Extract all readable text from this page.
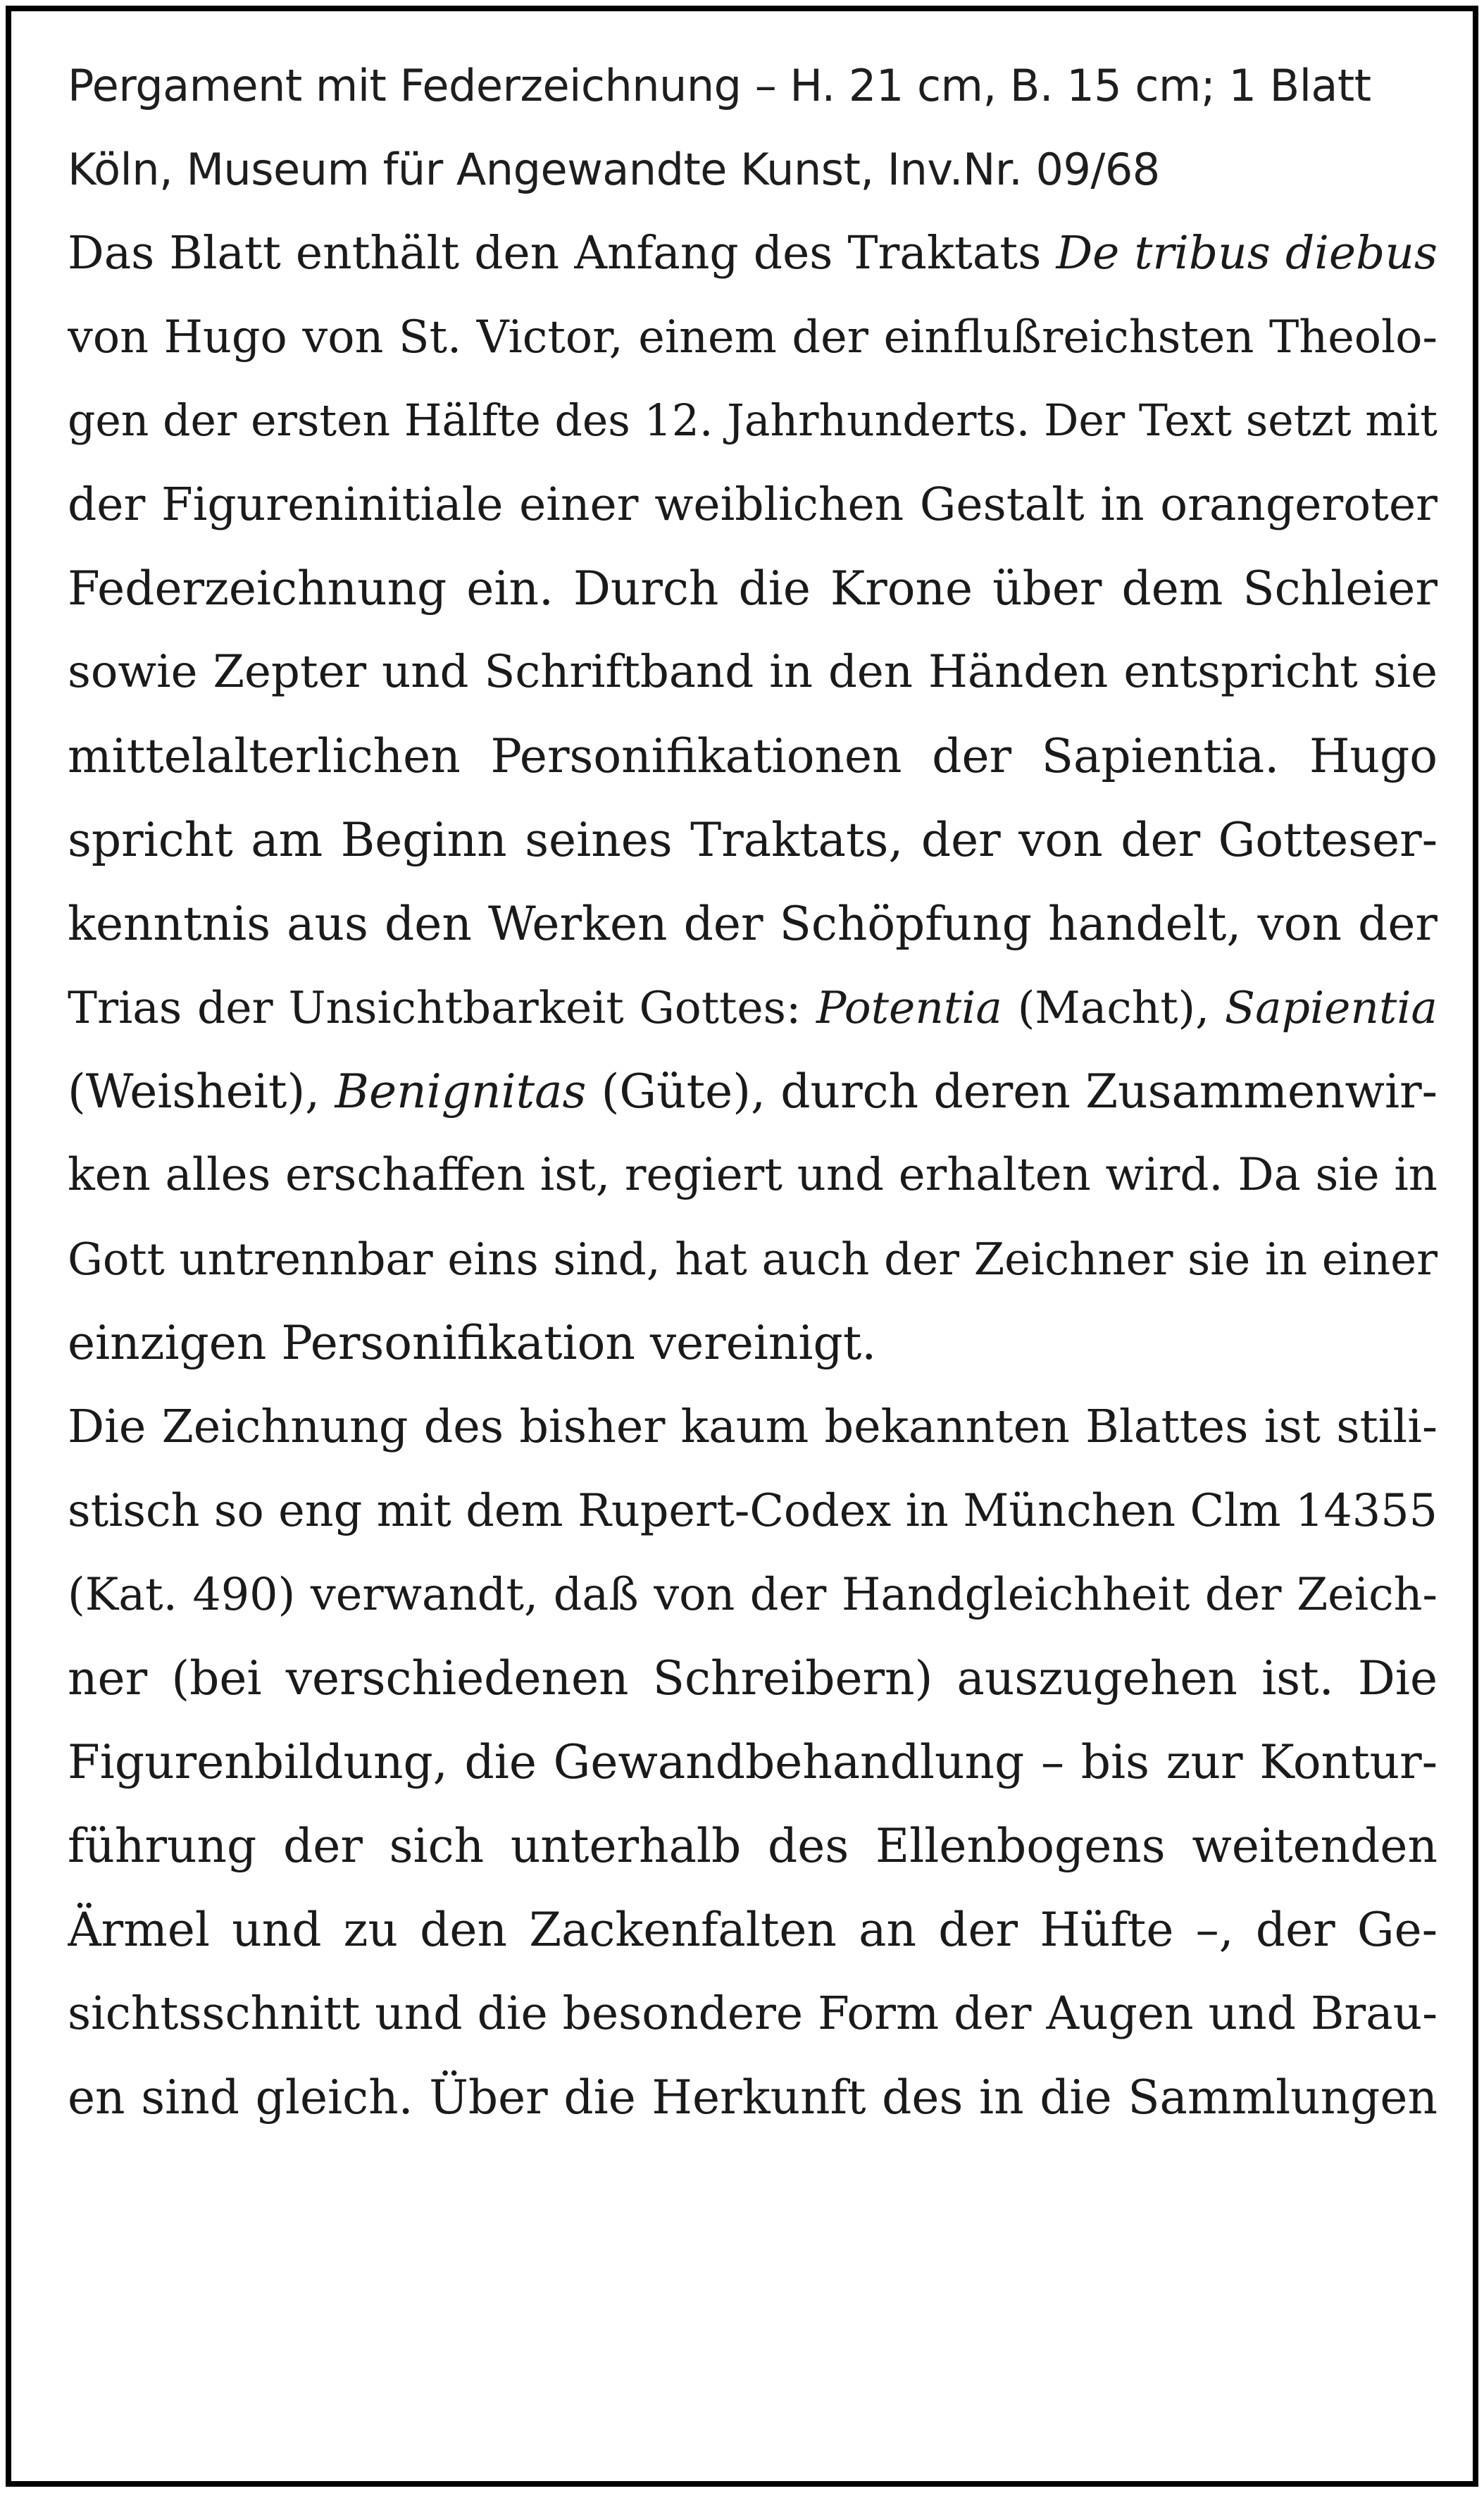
Pergament mit Federzeichnung – H. 21 cm, B. 15 cm; 1 Blatt
Köln, Museum für Angewandte Kunst, Inv.Nr. 09/68
Das Blatt enthält den Anfang des Traktats De tribus diebus
von Hugo von St. Victor, einem der einflußreichsten Theolo-
gen der ersten Hälfte des 12. Jahrhunderts. Der Text setzt mit
der Figureninitiale einer weiblichen Gestalt in orangeroter
Federzeichnung ein. Durch die Krone über dem Schleier
sowie Zepter und Schriftband in den Händen entspricht sie
mittelalterlichen Personifikationen der Sapientia. Hugo
spricht am Beginn seines Traktats, der von der Gotteser-
kenntnis aus den Werken der Schöpfung handelt, von der
Trias der Unsichtbarkeit Gottes: Potentia (Macht), Sapientia
(Weisheit), Benignitas (Güte), durch deren Zusammenwir-
ken alles erschaffen ist, regiert und erhalten wird. Da sie in
Gott untrennbar eins sind, hat auch der Zeichner sie in einer
einzigen Personifikation vereinigt.
Die Zeichnung des bisher kaum bekannten Blattes ist stili-
stisch so eng mit dem Rupert-Codex in München Clm 14355
(Kat. 490) verwandt, daß von der Handgleichheit der Zeich-
ner (bei verschiedenen Schreibern) auszugehen ist. Die
Figurenbildung, die Gewandbehandlung – bis zur Kontur-
führung der sich unterhalb des Ellenbogens weitenden
Ärmel und zu den Zackenfalten an der Hüfte –, der Ge-
sichtsschnitt und die besondere Form der Augen und Brau-
en sind gleich. Über die Herkunft des in die Sammlungen
